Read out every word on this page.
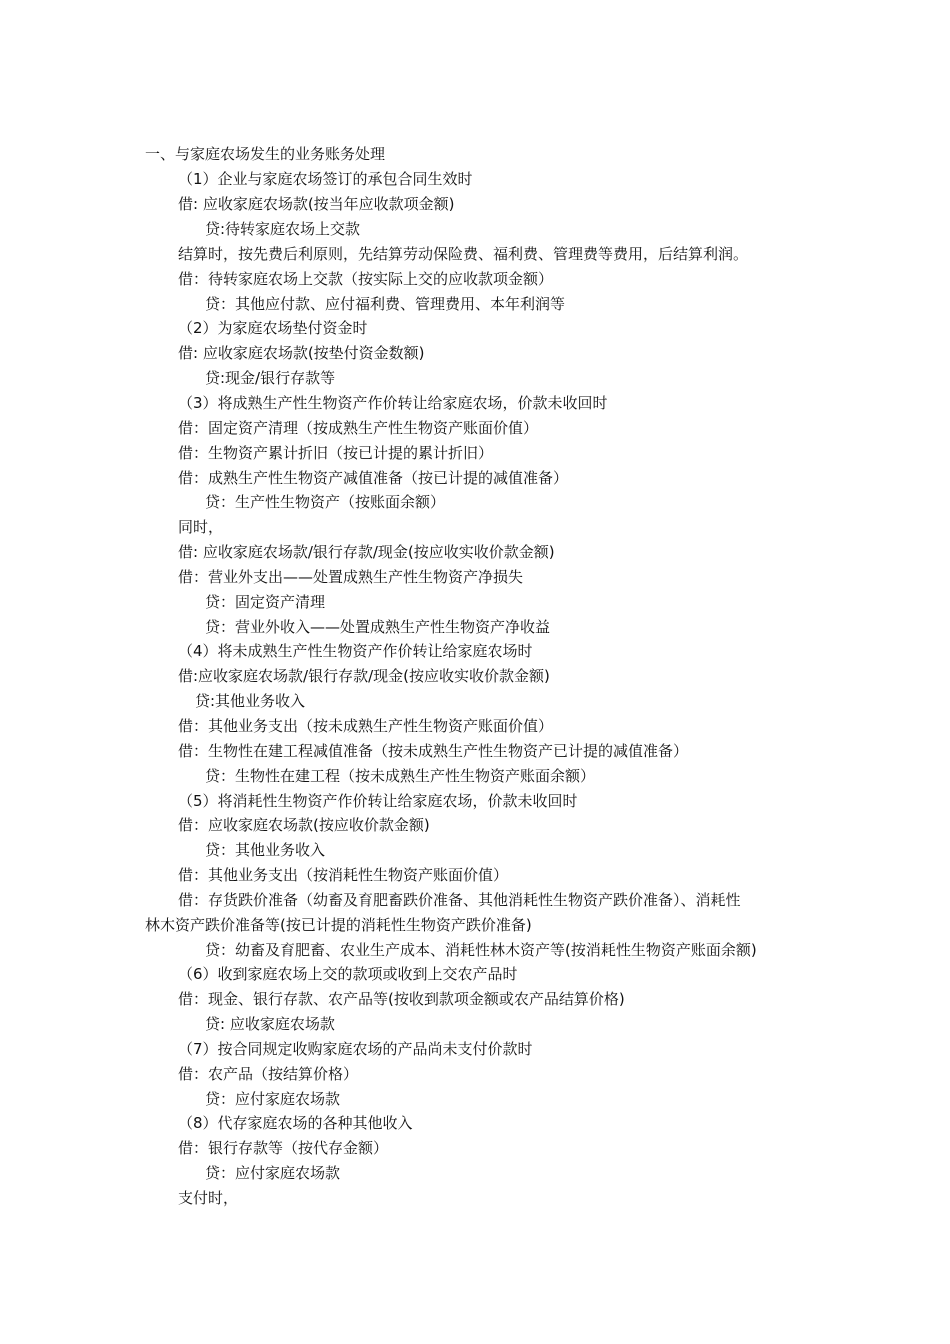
一、与家庭农场发生的业务账务处理
（1）企业与家庭农场签订的承包合同生效时
借: 应收家庭农场款(按当年应收款项金额)
贷:待转家庭农场上交款
结算时，按先费后利原则，先结算劳动保险费、福利费、管理费等费用，后结算利润。
借：待转家庭农场上交款（按实际上交的应收款项金额）
贷：其他应付款、应付福利费、管理费用、本年利润等
（2）为家庭农场垫付资金时
借: 应收家庭农场款(按垫付资金数额)
贷:现金/银行存款等
（3）将成熟生产性生物资产作价转让给家庭农场，价款未收回时
借：固定资产清理（按成熟生产性生物资产账面价值）
借：生物资产累计折旧（按已计提的累计折旧）
借：成熟生产性生物资产减值准备（按已计提的减值准备）
贷：生产性生物资产（按账面余额）
同时，
借: 应收家庭农场款/银行存款/现金(按应收实收价款金额)
借：营业外支出——处置成熟生产性生物资产净损失
贷：固定资产清理
贷：营业外收入——处置成熟生产性生物资产净收益
（4）将未成熟生产性生物资产作价转让给家庭农场时
借:应收家庭农场款/银行存款/现金(按应收实收价款金额)
贷:其他业务收入
借：其他业务支出（按未成熟生产性生物资产账面价值）
借：生物性在建工程减值准备（按未成熟生产性生物资产已计提的减值准备）
贷：生物性在建工程（按未成熟生产性生物资产账面余额）
（5）将消耗性生物资产作价转让给家庭农场，价款未收回时
借：应收家庭农场款(按应收价款金额)
贷：其他业务收入
借：其他业务支出（按消耗性生物资产账面价值）
借：存货跌价准备（幼畜及育肥畜跌价准备、其他消耗性生物资产跌价准备）、消耗性
林木资产跌价准备等(按已计提的消耗性生物资产跌价准备)
贷：幼畜及育肥畜、农业生产成本、消耗性林木资产等(按消耗性生物资产账面余额)
（6）收到家庭农场上交的款项或收到上交农产品时
借：现金、银行存款、农产品等(按收到款项金额或农产品结算价格)
贷: 应收家庭农场款
（7）按合同规定收购家庭农场的产品尚未支付价款时
借：农产品（按结算价格）
贷：应付家庭农场款
（8）代存家庭农场的各种其他收入
借：银行存款等（按代存金额）
贷：应付家庭农场款
支付时，
